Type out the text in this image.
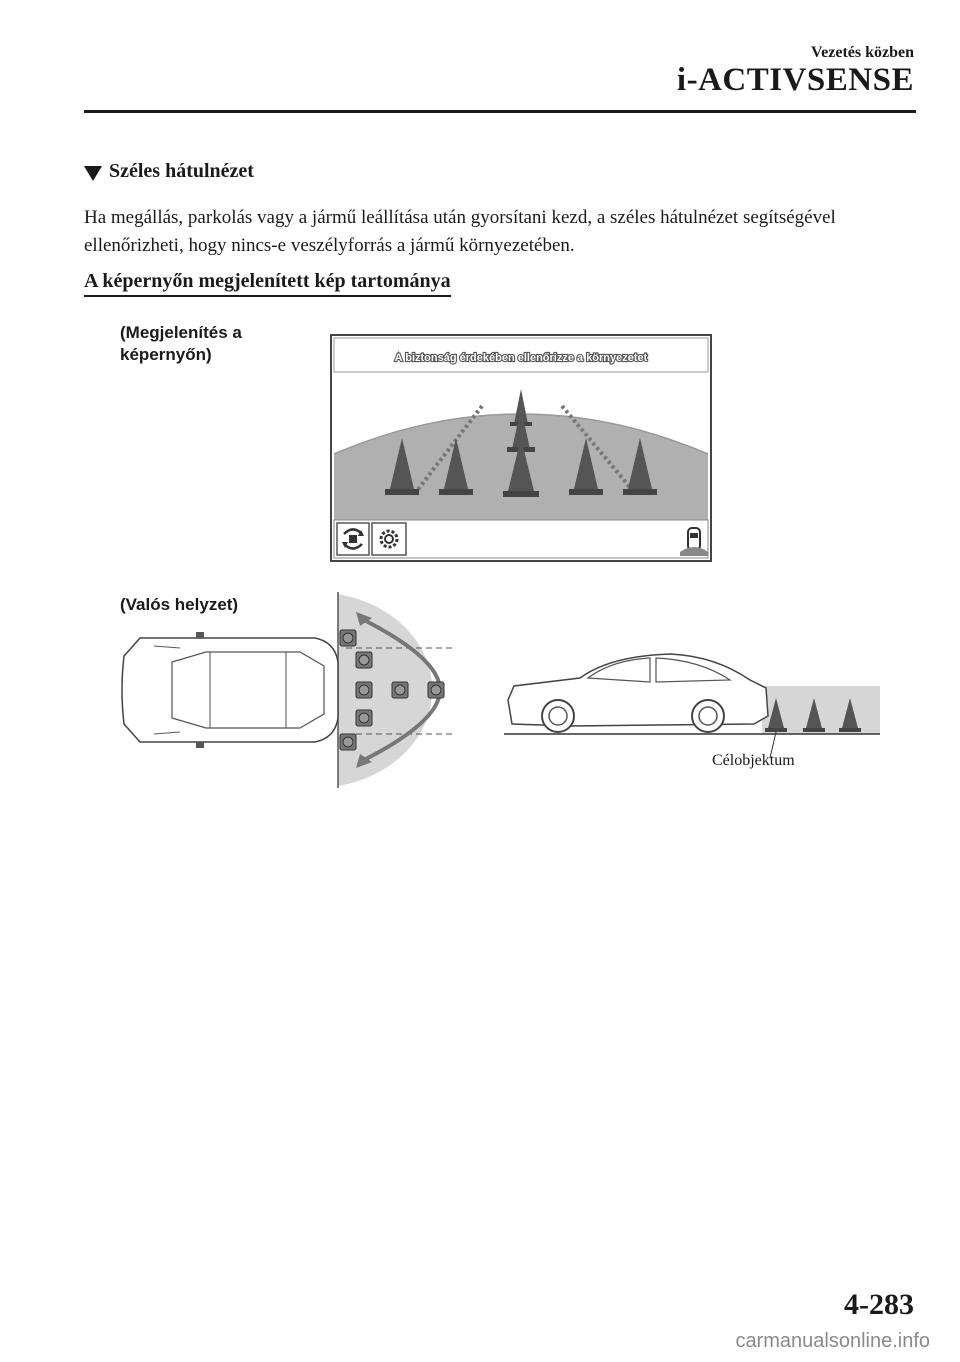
Vezetés közben
i-ACTIVSENSE
Széles hátulnézet
Ha megállás, parkolás vagy a jármű leállítása után gyorsítani kezd, a széles hátulnézet segítségével ellenőrizheti, hogy nincs-e veszélyforrás a jármű környezetében.
A képernyőn megjelenített kép tartománya
(Megjelenítés a
képernyőn)	A biztonság érdekében ellenőrizze a környezetet
(Valós helyzet)
Célobjektum
4-283
carmanualsonline.info
